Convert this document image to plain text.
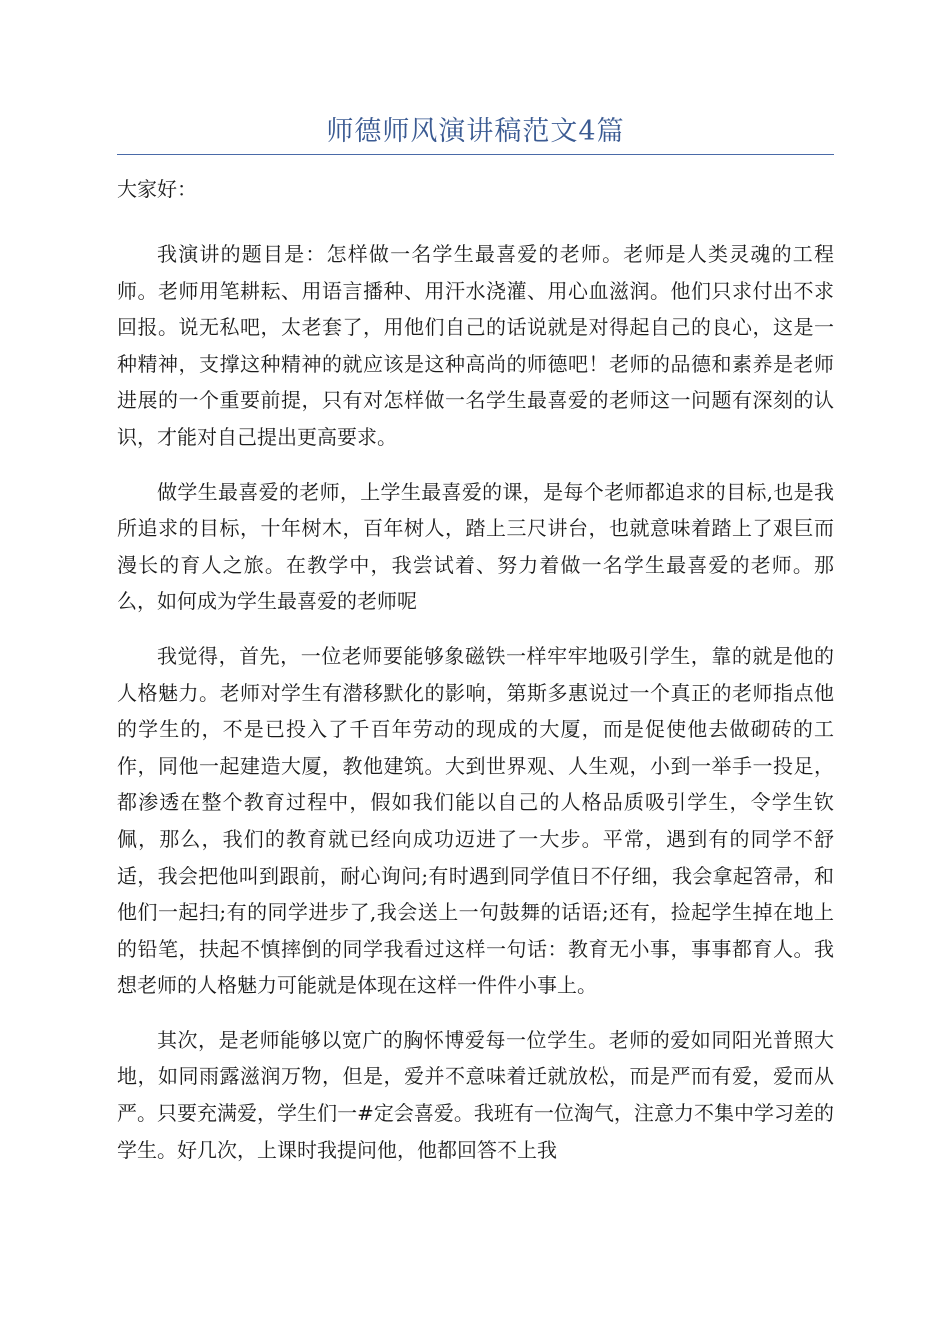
师德师风演讲稿范文4篇
大家好：

我演讲的题目是：怎样做一名学生最喜爱的老师。老师是人类灵魂的工程师。老师用笔耕耘、用语言播种、用汗水浇灌、用心血滋润。他们只求付出不求回报。说无私吧，太老套了，用他们自己的话说就是对得起自己的良心，这是一种精神，支撑这种精神的就应该是这种高尚的师德吧！老师的品德和素养是老师进展的一个重要前提，只有对怎样做一名学生最喜爱的老师这一问题有深刻的认识，才能对自己提出更高要求。

做学生最喜爱的老师，上学生最喜爱的课，是每个老师都追求的目标,也是我所追求的目标，十年树木，百年树人，踏上三尺讲台，也就意味着踏上了艰巨而漫长的育人之旅。在教学中，我尝试着、努力着做一名学生最喜爱的老师。那么，如何成为学生最喜爱的老师呢

我觉得，首先，一位老师要能够象磁铁一样牢牢地吸引学生，靠的就是他的人格魅力。老师对学生有潜移默化的影响，第斯多惠说过一个真正的老师指点他的学生的，不是已投入了千百年劳动的现成的大厦，而是促使他去做砌砖的工作，同他一起建造大厦，教他建筑。大到世界观、人生观，小到一举手一投足，都渗透在整个教育过程中，假如我们能以自己的人格品质吸引学生，令学生钦佩，那么，我们的教育就已经向成功迈进了一大步。平常，遇到有的同学不舒适，我会把他叫到跟前，耐心询问;有时遇到同学值日不仔细，我会拿起笤帚，和他们一起扫;有的同学进步了,我会送上一句鼓舞的话语;还有，捡起学生掉在地上的铅笔，扶起不慎摔倒的同学我看过这样一句话：教育无小事，事事都育人。我想老师的人格魅力可能就是体现在这样一件件小事上。

其次，是老师能够以宽广的胸怀博爱每一位学生。老师的爱如同阳光普照大地，如同雨露滋润万物，但是，爱并不意味着迁就放松，而是严而有爱，爱而从严。只要充满爱，学生们一#定会喜爱。我班有一位淘气，注意力不集中学习差的学生。好几次，上课时我提问他，他都回答不上我
